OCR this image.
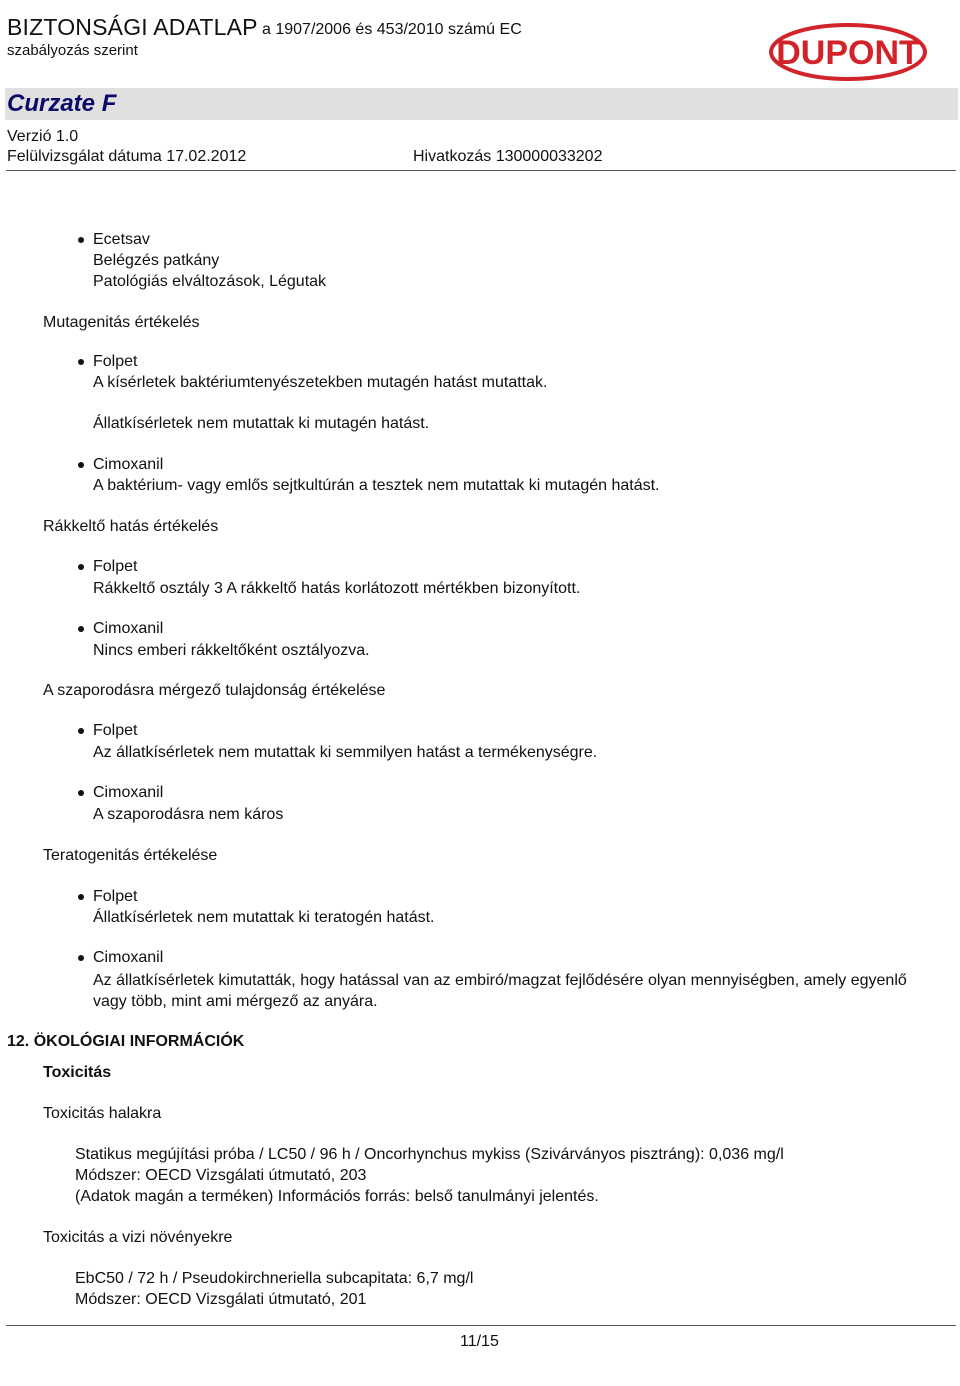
BIZTONSÁGI ADATLAP a 1907/2006 és 453/2010 számú EC
szabályozás szerint	DUPONT
Curzate F
Verzió 1.0
Felülvizsgálat dátuma 17.02.2012	Hivatkozás 130000033202
Ecetsav
Belégzés patkány
Patológiás elváltozások, Légutak
Mutagenitás értékelés
Folpet
A kísérletek baktériumtenyészetekben mutagén hatást mutattak.
Állatkísérletek nem mutattak ki mutagén hatást.
Cimoxanil
A baktérium- vagy emlős sejtkultúrán a tesztek nem mutattak ki mutagén hatást.
Rákkeltő hatás értékelés
Folpet
Rákkeltő osztály 3 A rákkeltő hatás korlátozott mértékben bizonyított.
Cimoxanil
Nincs emberi rákkeltőként osztályozva.
A szaporodásra mérgező tulajdonság értékelése
Folpet
Az állatkísérletek nem mutattak ki semmilyen hatást a termékenységre.
Cimoxanil
A szaporodásra nem káros
Teratogenitás értékelése
Folpet
Állatkísérletek nem mutattak ki teratogén hatást.
Cimoxanil
Az állatkísérletek kimutatták, hogy hatással van az embiró/magzat fejlődésére olyan mennyiségben, amely egyenlő vagy több, mint ami mérgező az anyára.
12. ÖKOLÓGIAI INFORMÁCIÓK
Toxicitás
Toxicitás halakra
Statikus megújítási próba / LC50 / 96 h / Oncorhynchus mykiss (Szivárványos pisztráng): 0,036 mg/l
Módszer: OECD Vizsgálati útmutató, 203
(Adatok magán a terméken) Információs forrás: belső tanulmányi jelentés.
Toxicitás a vizi növényekre
EbC50 / 72 h / Pseudokirchneriella subcapitata: 6,7 mg/l
Módszer: OECD Vizsgálati útmutató, 201
11/15
